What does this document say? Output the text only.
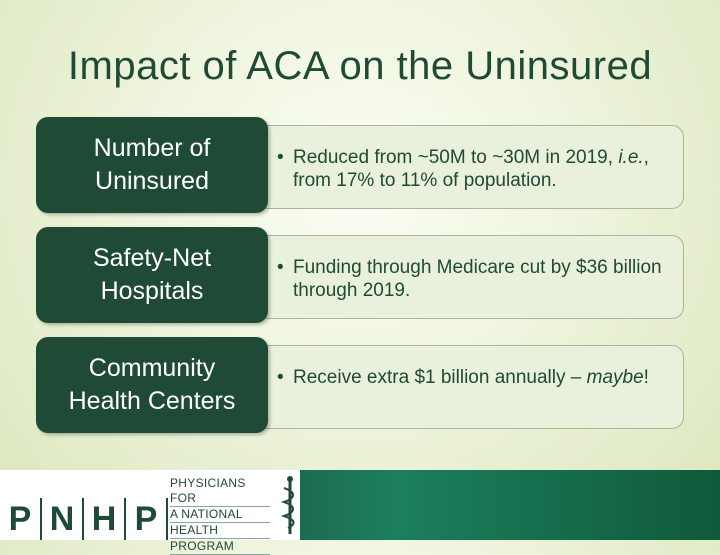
Impact of ACA on the Uninsured
Number of
Uninsured
• Reduced from ~50M to ~30M in 2019, i.e., from 17% to 11% of population.
Safety-Net
Hospitals
• Funding through Medicare cut by $36 billion through 2019.
Community
Health Centers
• Receive extra $1 billion annually – maybe!
P N H P
PHYSICIANS FOR
A NATIONAL
HEALTH
PROGRAM
